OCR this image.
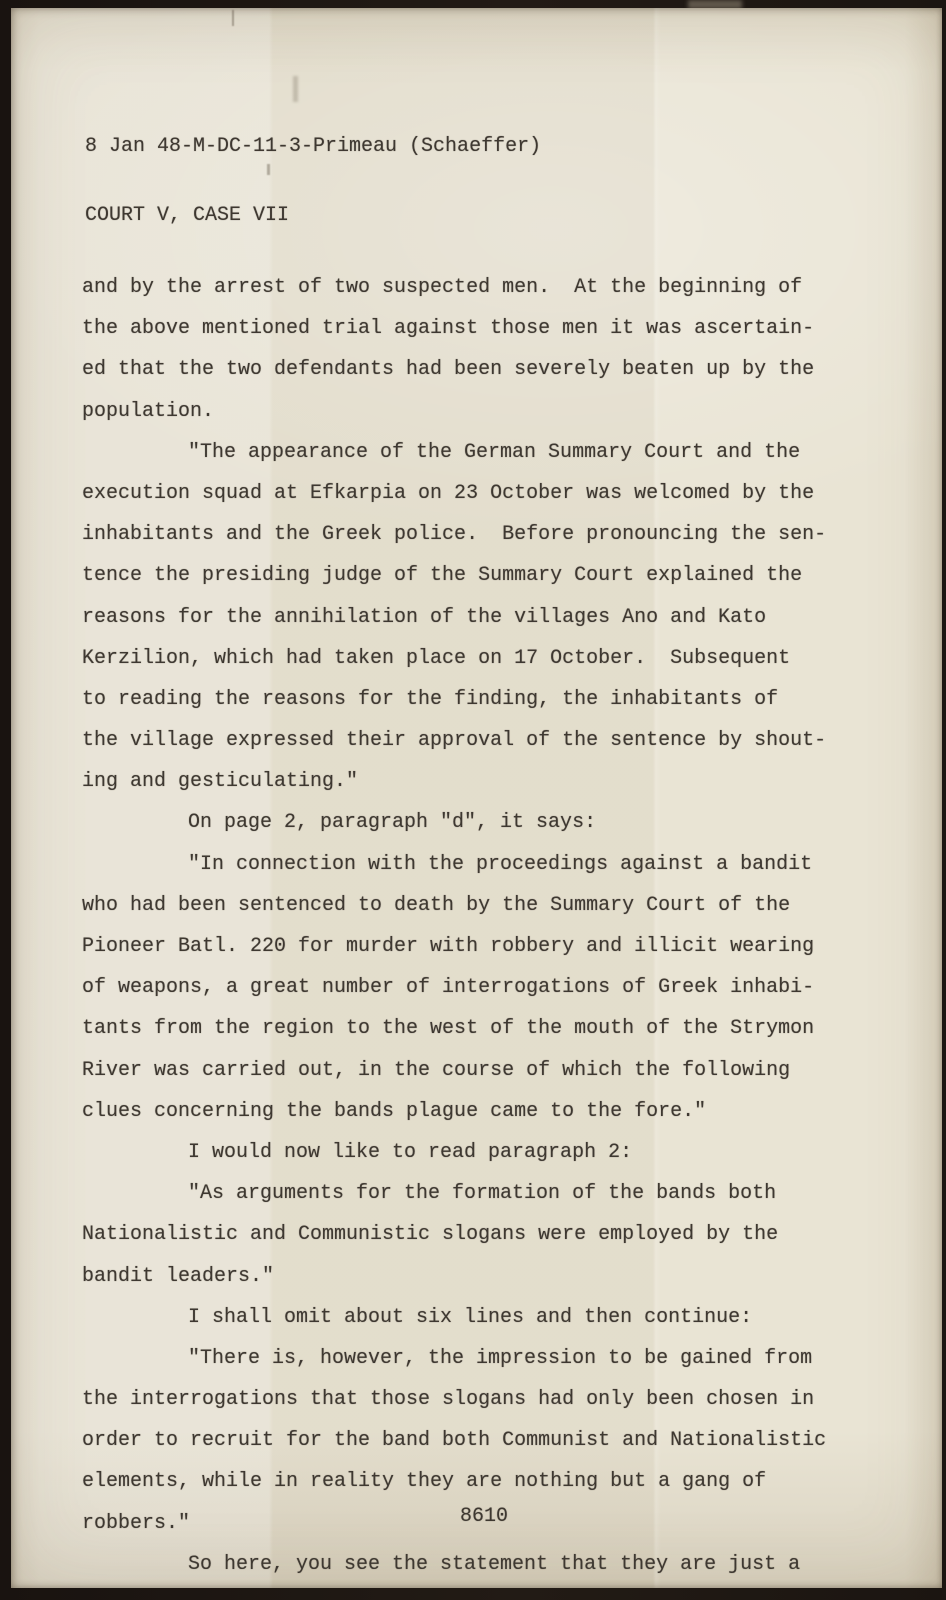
8 Jan 48-M-DC-11-3-Primeau (Schaeffer)

COURT V, CASE VII

and by the arrest of two suspected men.  At the beginning of
the above mentioned trial against those men it was ascertain-
ed that the two defendants had been severely beaten up by the
population.
"The appearance of the German Summary Court and the
execution squad at Efkarpia on 23 October was welcomed by the
inhabitants and the Greek police.  Before pronouncing the sen-
tence the presiding judge of the Summary Court explained the
reasons for the annihilation of the villages Ano and Kato
Kerzilion, which had taken place on 17 October.  Subsequent
to reading the reasons for the finding, the inhabitants of
the village expressed their approval of the sentence by shout-
ing and gesticulating."
On page 2, paragraph "d", it says:
"In connection with the proceedings against a bandit
who had been sentenced to death by the Summary Court of the
Pioneer Batl. 220 for murder with robbery and illicit wearing
of weapons, a great number of interrogations of Greek inhabi-
tants from the region to the west of the mouth of the Strymon
River was carried out, in the course of which the following
clues concerning the bands plague came to the fore."
I would now like to read paragraph 2:
"As arguments for the formation of the bands both
Nationalistic and Communistic slogans were employed by the
bandit leaders."
I shall omit about six lines and then continue:
"There is, however, the impression to be gained from
the interrogations that those slogans had only been chosen in
order to recruit for the band both Communist and Nationalistic
elements, while in reality they are nothing but a gang of
robbers."
So here, you see the statement that they are just a
8610
